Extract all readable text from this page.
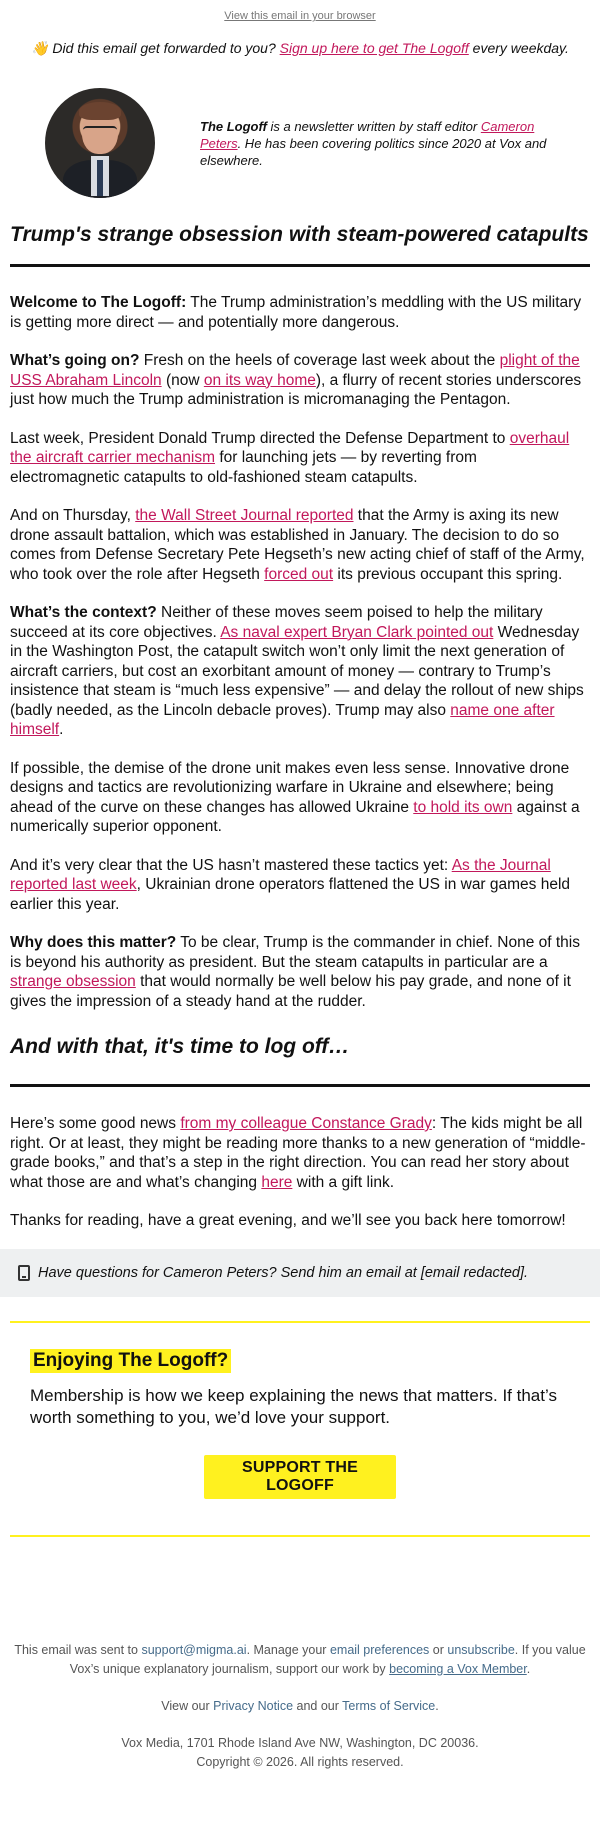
View this email in your browser
👋 Did this email get forwarded to you? Sign up here to get The Logoff every weekday.
The Logoff is a newsletter written by staff editor Cameron Peters. He has been covering politics since 2020 at Vox and elsewhere.
Trump's strange obsession with steam-powered catapults

Welcome to The Logoff: The Trump administration’s meddling with the US military is getting more direct — and potentially more dangerous.

What’s going on? Fresh on the heels of coverage last week about the plight of the USS Abraham Lincoln (now on its way home), a flurry of recent stories underscores just how much the Trump administration is micromanaging the Pentagon.

Last week, President Donald Trump directed the Defense Department to overhaul the aircraft carrier mechanism for launching jets — by reverting from electromagnetic catapults to old-fashioned steam catapults.

And on Thursday, the Wall Street Journal reported that the Army is axing its new drone assault battalion, which was established in January. The decision to do so comes from Defense Secretary Pete Hegseth’s new acting chief of staff of the Army, who took over the role after Hegseth forced out its previous occupant this spring.

What’s the context? Neither of these moves seem poised to help the military succeed at its core objectives. As naval expert Bryan Clark pointed out Wednesday in the Washington Post, the catapult switch won’t only limit the next generation of aircraft carriers, but cost an exorbitant amount of money — contrary to Trump’s insistence that steam is “much less expensive” — and delay the rollout of new ships (badly needed, as the Lincoln debacle proves). Trump may also name one after himself.

If possible, the demise of the drone unit makes even less sense. Innovative drone designs and tactics are revolutionizing warfare in Ukraine and elsewhere; being ahead of the curve on these changes has allowed Ukraine to hold its own against a numerically superior opponent.

And it’s very clear that the US hasn’t mastered these tactics yet: As the Journal reported last week, Ukrainian drone operators flattened the US in war games held earlier this year.

Why does this matter? To be clear, Trump is the commander in chief. None of this is beyond his authority as president. But the steam catapults in particular are a strange obsession that would normally be well below his pay grade, and none of it gives the impression of a steady hand at the rudder.

And with that, it's time to log off…

Here’s some good news from my colleague Constance Grady: The kids might be all right. Or at least, they might be reading more thanks to a new generation of “middle-grade books,” and that’s a step in the right direction. You can read her story about what those are and what’s changing here with a gift link.

Thanks for reading, have a great evening, and we’ll see you back here tomorrow!

Have questions for Cameron Peters? Send him an email at [email redacted].
Enjoying The Logoff?

Membership is how we keep explaining the news that matters. If that’s worth something to you, we’d love your support.

SUPPORT THE LOGOFF

This email was sent to support@migma.ai. Manage your email preferences or unsubscribe. If you value Vox’s unique explanatory journalism, support our work by becoming a Vox Member.

View our Privacy Notice and our Terms of Service.

Vox Media, 1701 Rhode Island Ave NW, Washington, DC 20036.

Copyright © 2026. All rights reserved.
